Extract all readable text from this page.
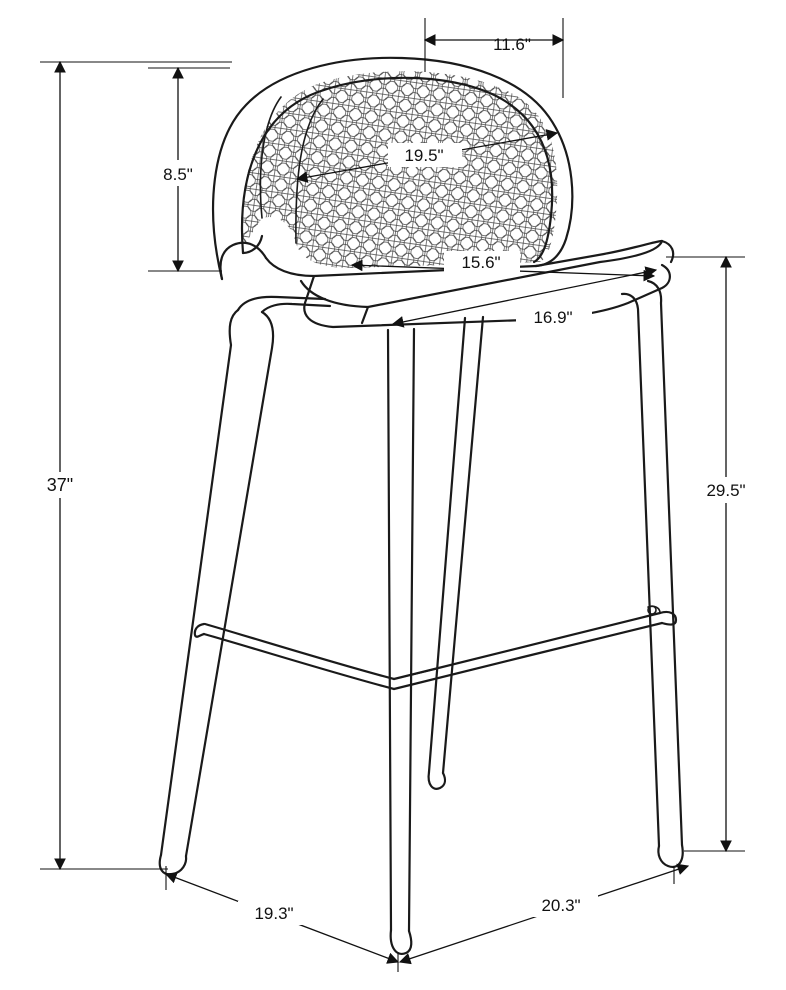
11.6"
8.5"
19.5"
15.6"
16.9"
37"	29.5"
19.3"	20.3"
